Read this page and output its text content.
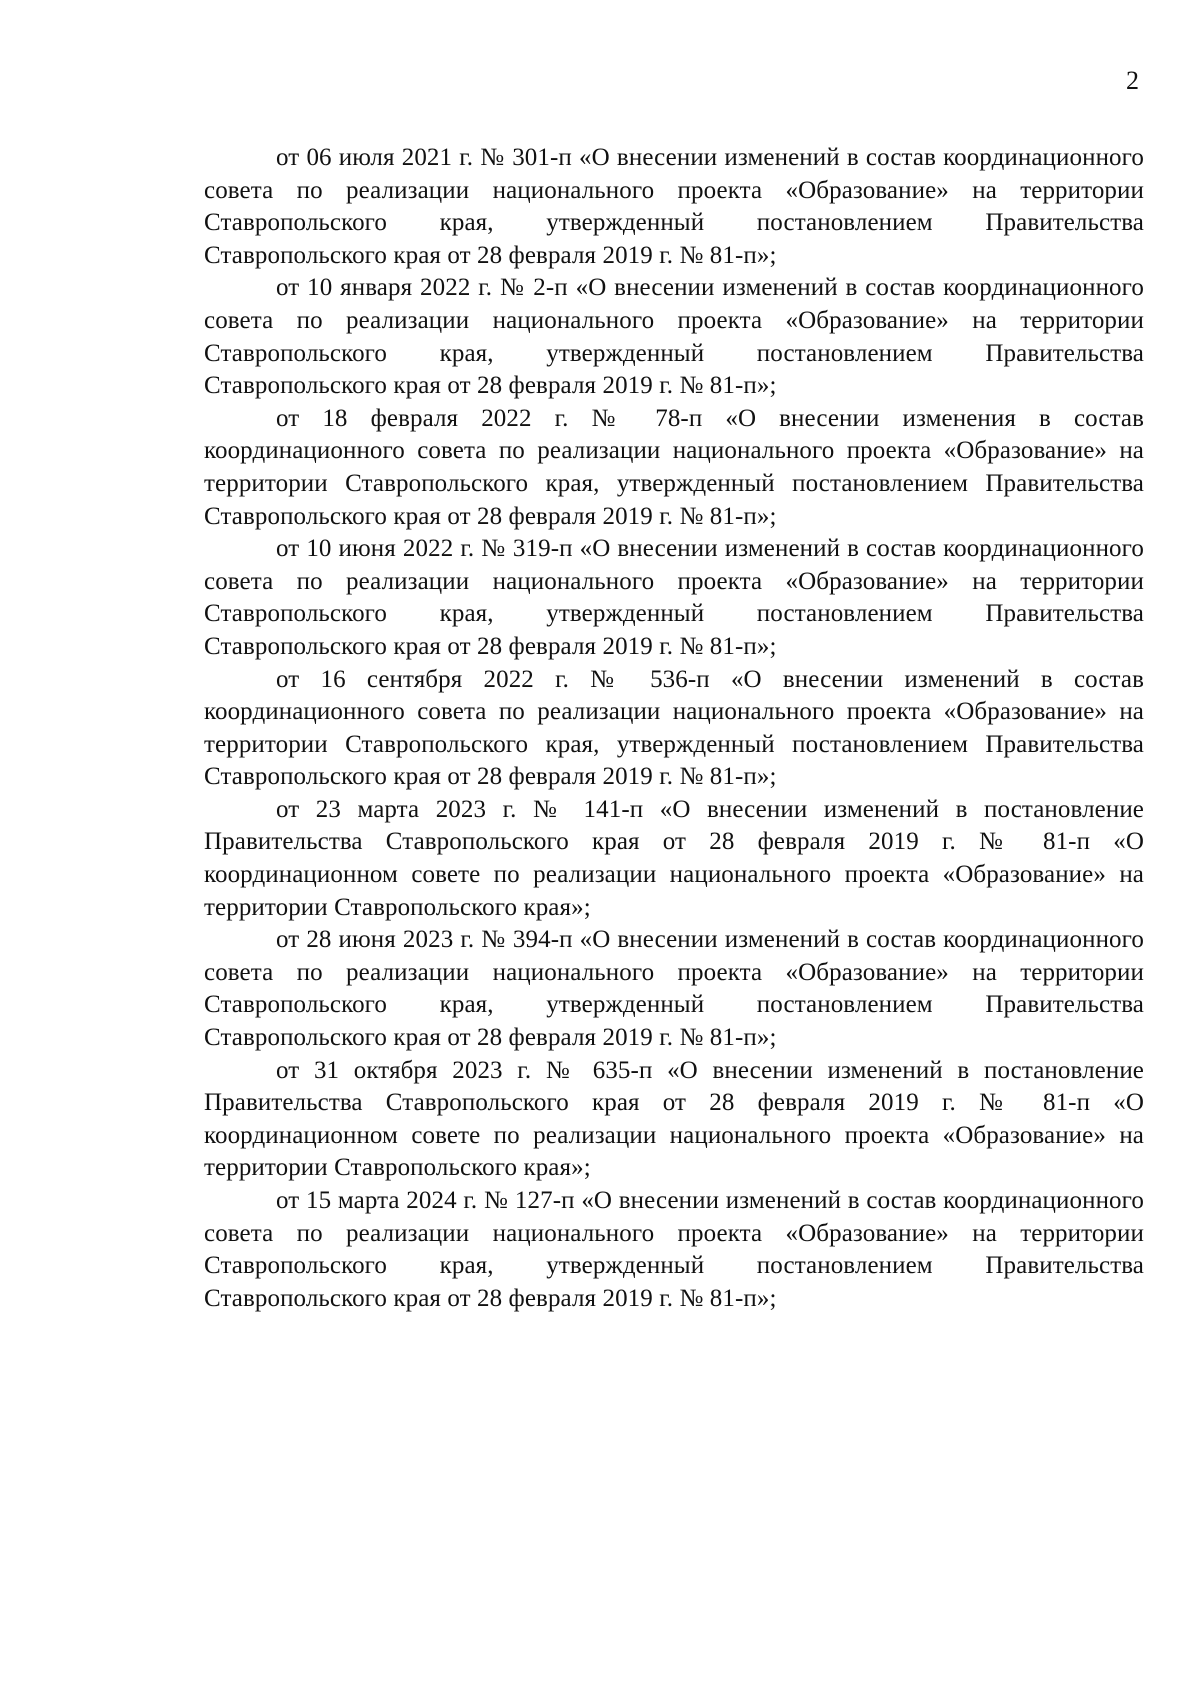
2

от 06 июля 2021 г. № 301-п «О внесении изменений в состав координационного совета по реализации национального проекта «Образование» на территории Ставропольского края, утвержденный постановлением Правительства Ставропольского края от 28 февраля 2019 г. № 81-п»;

от 10 января 2022 г. № 2-п «О внесении изменений в состав координационного совета по реализации национального проекта «Образование» на территории Ставропольского края, утвержденный постановлением Правительства Ставропольского края от 28 февраля 2019 г. № 81-п»;

от 18 февраля 2022 г. № 78-п «О внесении изменения в состав координационного совета по реализации национального проекта «Образование» на территории Ставропольского края, утвержденный постановлением Правительства Ставропольского края от 28 февраля 2019 г. № 81-п»;

от 10 июня 2022 г. № 319-п «О внесении изменений в состав координационного совета по реализации национального проекта «Образование» на территории Ставропольского края, утвержденный постановлением Правительства Ставропольского края от 28 февраля 2019 г. № 81-п»;

от 16 сентября 2022 г. № 536-п «О внесении изменений в состав координационного совета по реализации национального проекта «Образование» на территории Ставропольского края, утвержденный постановлением Правительства Ставропольского края от 28 февраля 2019 г. № 81-п»;

от 23 марта 2023 г. № 141-п «О внесении изменений в постановление Правительства Ставропольского края от 28 февраля 2019 г. № 81-п «О координационном совете по реализации национального проекта «Образование» на территории Ставропольского края»;

от 28 июня 2023 г. № 394-п «О внесении изменений в состав координационного совета по реализации национального проекта «Образование» на территории Ставропольского края, утвержденный постановлением Правительства Ставропольского края от 28 февраля 2019 г. № 81-п»;

от 31 октября 2023 г. № 635-п «О внесении изменений в постановление Правительства Ставропольского края от 28 февраля 2019 г. № 81-п «О координационном совете по реализации национального проекта «Образование» на территории Ставропольского края»;

от 15 марта 2024 г. № 127-п «О внесении изменений в состав координационного совета по реализации национального проекта «Образование» на территории Ставропольского края, утвержденный постановлением Правительства Ставропольского края от 28 февраля 2019 г. № 81-п»;
